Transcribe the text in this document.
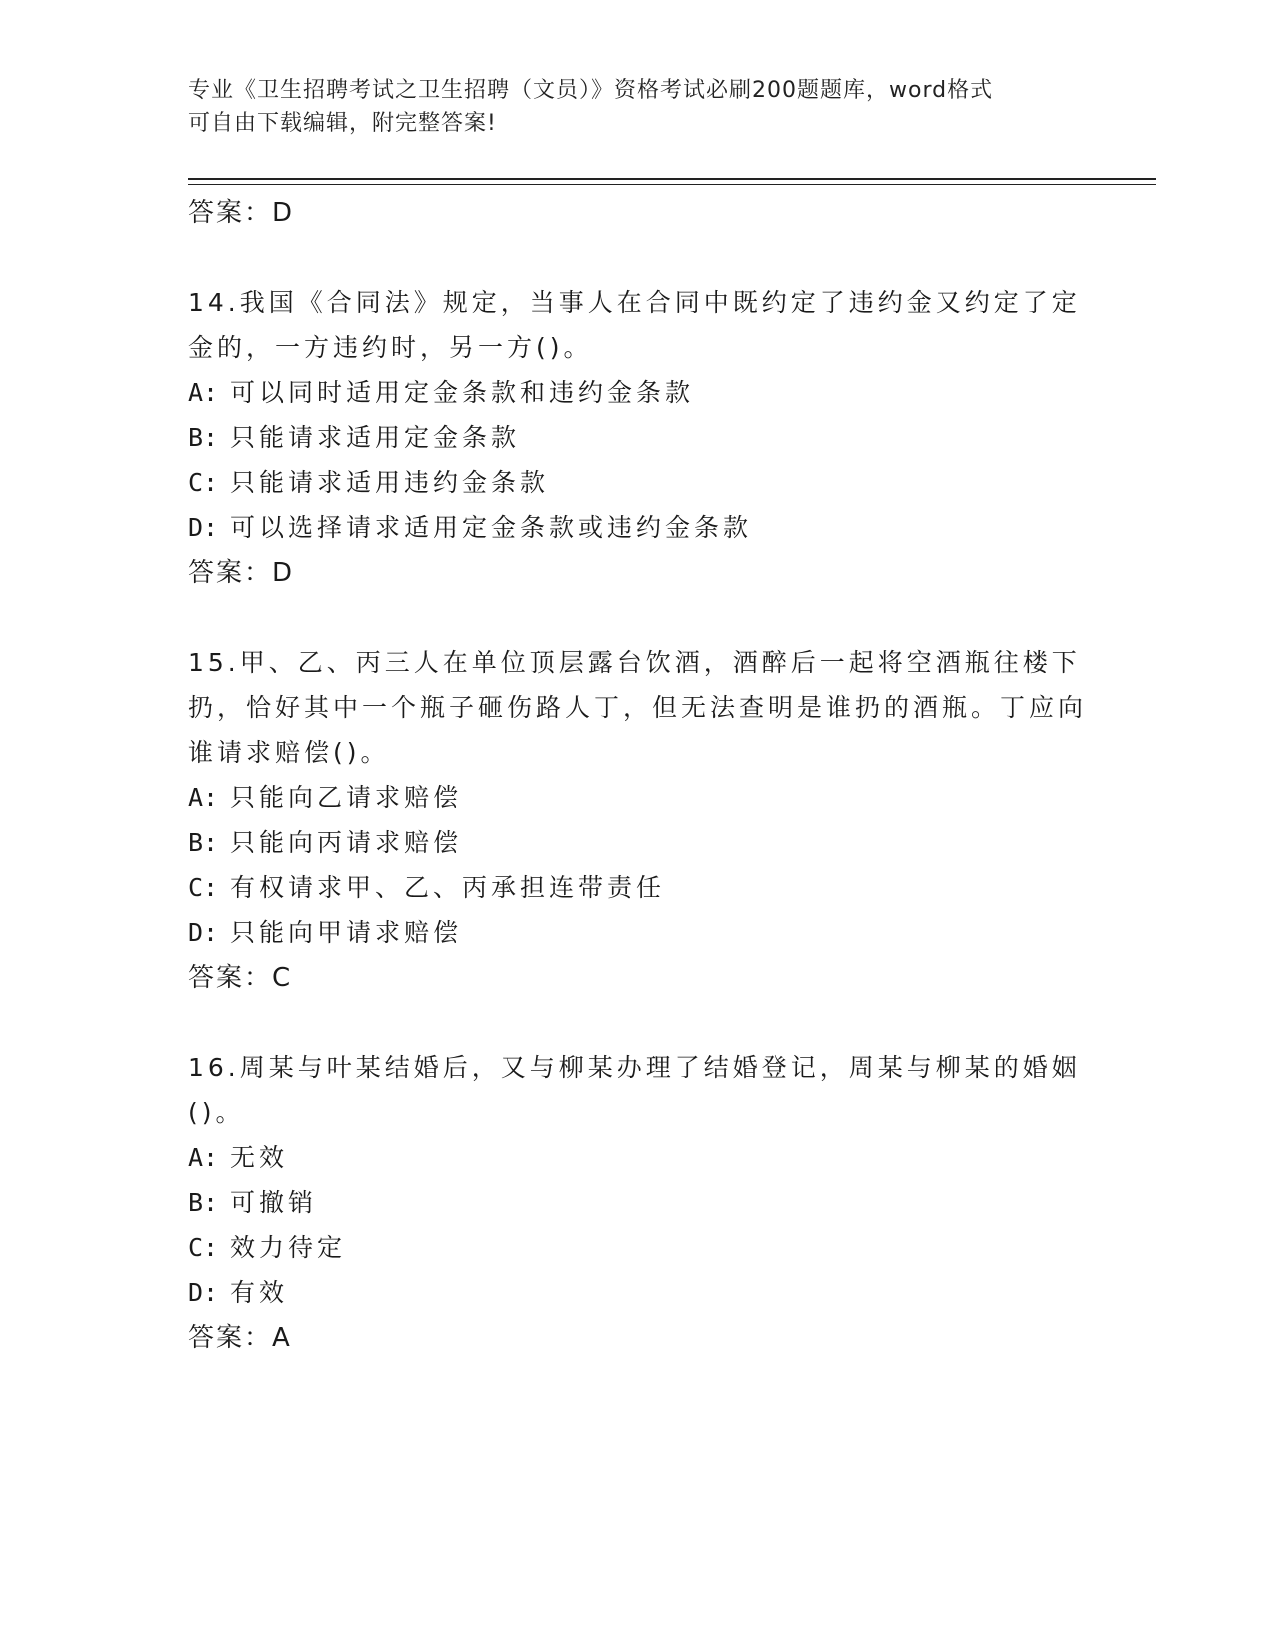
专业《卫生招聘考试之卫生招聘（文员）》资格考试必刷200题题库，word格式
可自由下载编辑，附完整答案!
答案：D

14.我国《合同法》规定，当事人在合同中既约定了违约金又约定了定金的，一方违约时，另一方()。

A: 可以同时适用定金条款和违约金条款
B: 只能请求适用定金条款
C: 只能请求适用违约金条款
D: 可以选择请求适用定金条款或违约金条款
答案：D

15.甲、乙、丙三人在单位顶层露台饮酒，酒醉后一起将空酒瓶往楼下扔，恰好其中一个瓶子砸伤路人丁，但无法查明是谁扔的酒瓶。丁应向谁请求赔偿()。

A: 只能向乙请求赔偿
B: 只能向丙请求赔偿
C: 有权请求甲、乙、丙承担连带责任
D: 只能向甲请求赔偿
答案：C

16.周某与叶某结婚后，又与柳某办理了结婚登记，周某与柳某的婚姻()。

A: 无效
B: 可撤销
C: 效力待定
D: 有效
答案：A
